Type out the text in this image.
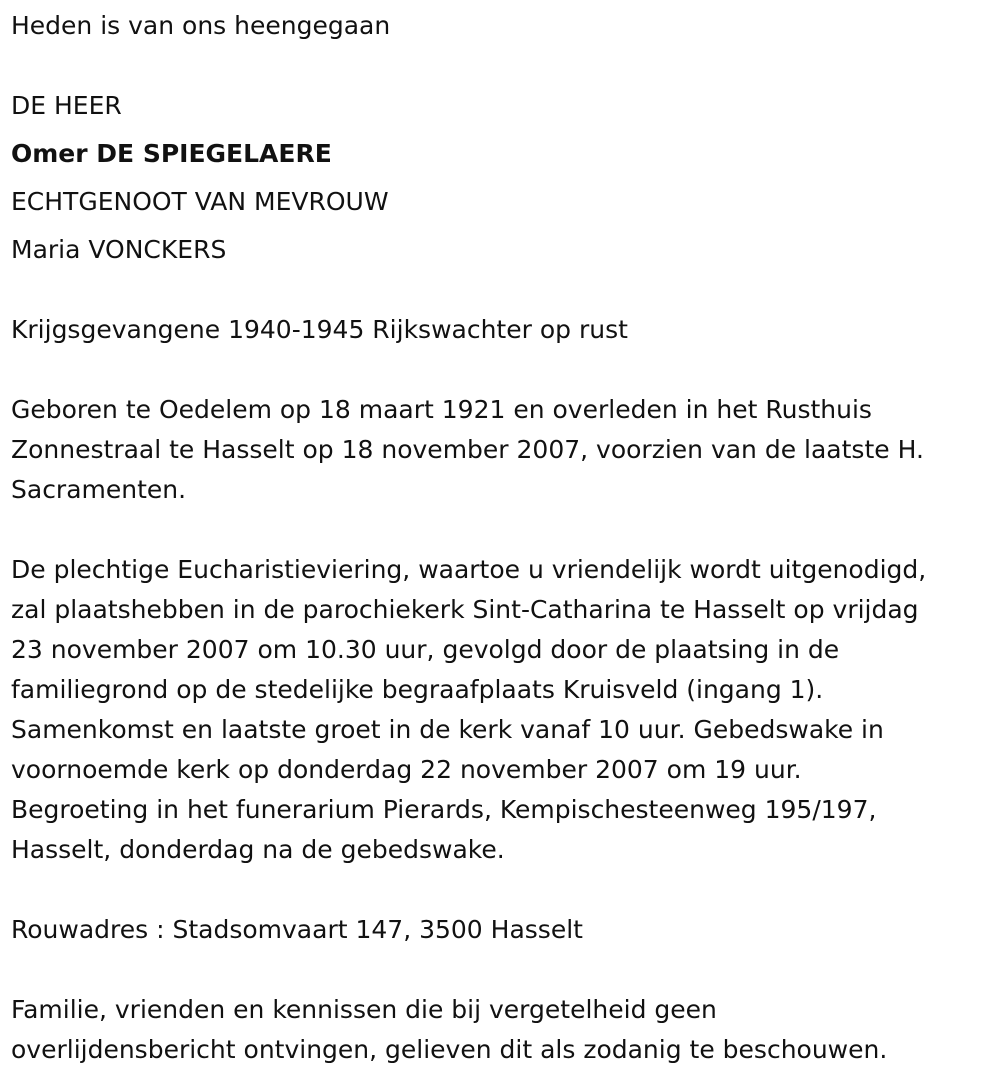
Heden is van ons heengegaan

DE HEER

Omer DE SPIEGELAERE

ECHTGENOOT VAN MEVROUW

Maria VONCKERS

Krijgsgevangene 1940-1945 Rijkswachter op rust

Geboren te Oedelem op 18 maart 1921 en overleden in het Rusthuis
Zonnestraal te Hasselt op 18 november 2007, voorzien van de laatste H.
Sacramenten.

De plechtige Eucharistieviering, waartoe u vriendelijk wordt uitgenodigd,
zal plaatshebben in de parochiekerk Sint-Catharina te Hasselt op vrijdag
23 november 2007 om 10.30 uur, gevolgd door de plaatsing in de
familiegrond op de stedelijke begraafplaats Kruisveld (ingang 1).
Samenkomst en laatste groet in de kerk vanaf 10 uur. Gebedswake in
voornoemde kerk op donderdag 22 november 2007 om 19 uur.
Begroeting in het funerarium Pierards, Kempischesteenweg 195/197,
Hasselt, donderdag na de gebedswake.

Rouwadres : Stadsomvaart 147, 3500 Hasselt

Familie, vrienden en kennissen die bij vergetelheid geen
overlijdensbericht ontvingen, gelieven dit als zodanig te beschouwen.
